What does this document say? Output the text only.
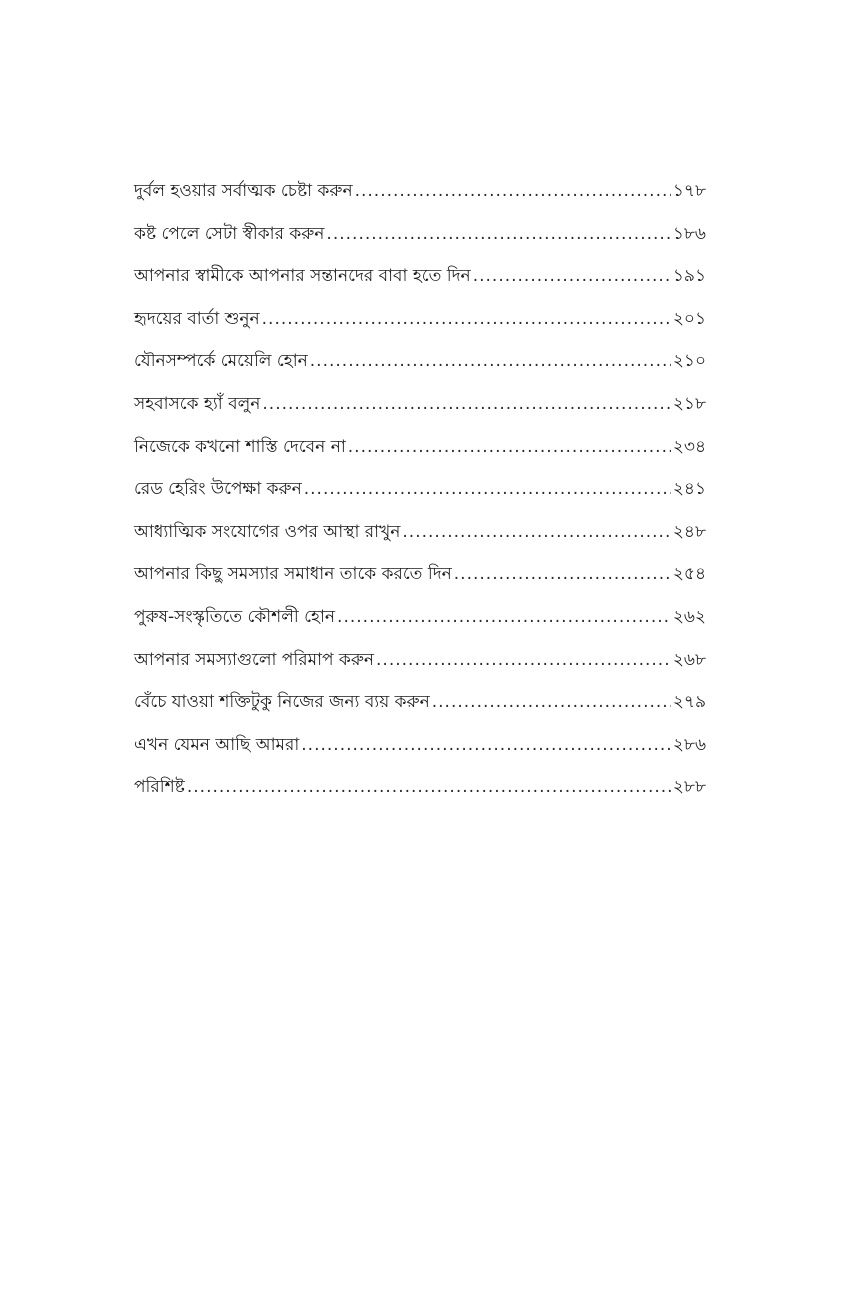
দুর্বল হওয়ার সর্বাত্মক চেষ্টা করুন .....	১৭৮
কষ্ট পেলে সেটা স্বীকার করুন .....	১৮৬
আপনার স্বামীকে আপনার সন্তানদের বাবা হতে দিন .....	১৯১
হৃদয়ের বার্তা শুনুন .....	২০১
যৌনসম্পর্কে মেয়েলি হোন .....	২১০
সহবাসকে হ্যাঁ বলুন .....	২১৮
নিজেকে কখনো শাস্তি দেবেন না .....	২৩৪
রেড হেরিং উপেক্ষা করুন .....	২৪১
আধ্যাত্মিক সংযোগের ওপর আস্থা রাখুন .....	২৪৮
আপনার কিছু সমস্যার সমাধান তাকে করতে দিন .....	২৫৪
পুরুষ-সংস্কৃতিতে কৌশলী হোন .....	২৬২
আপনার সমস্যাগুলো পরিমাপ করুন .....	২৬৮
বেঁচে যাওয়া শক্তিটুকু নিজের জন্য ব্যয় করুন .....	২৭৯
এখন যেমন আছি আমরা .....	২৮৬
পরিশিষ্ট .....	২৮৮
